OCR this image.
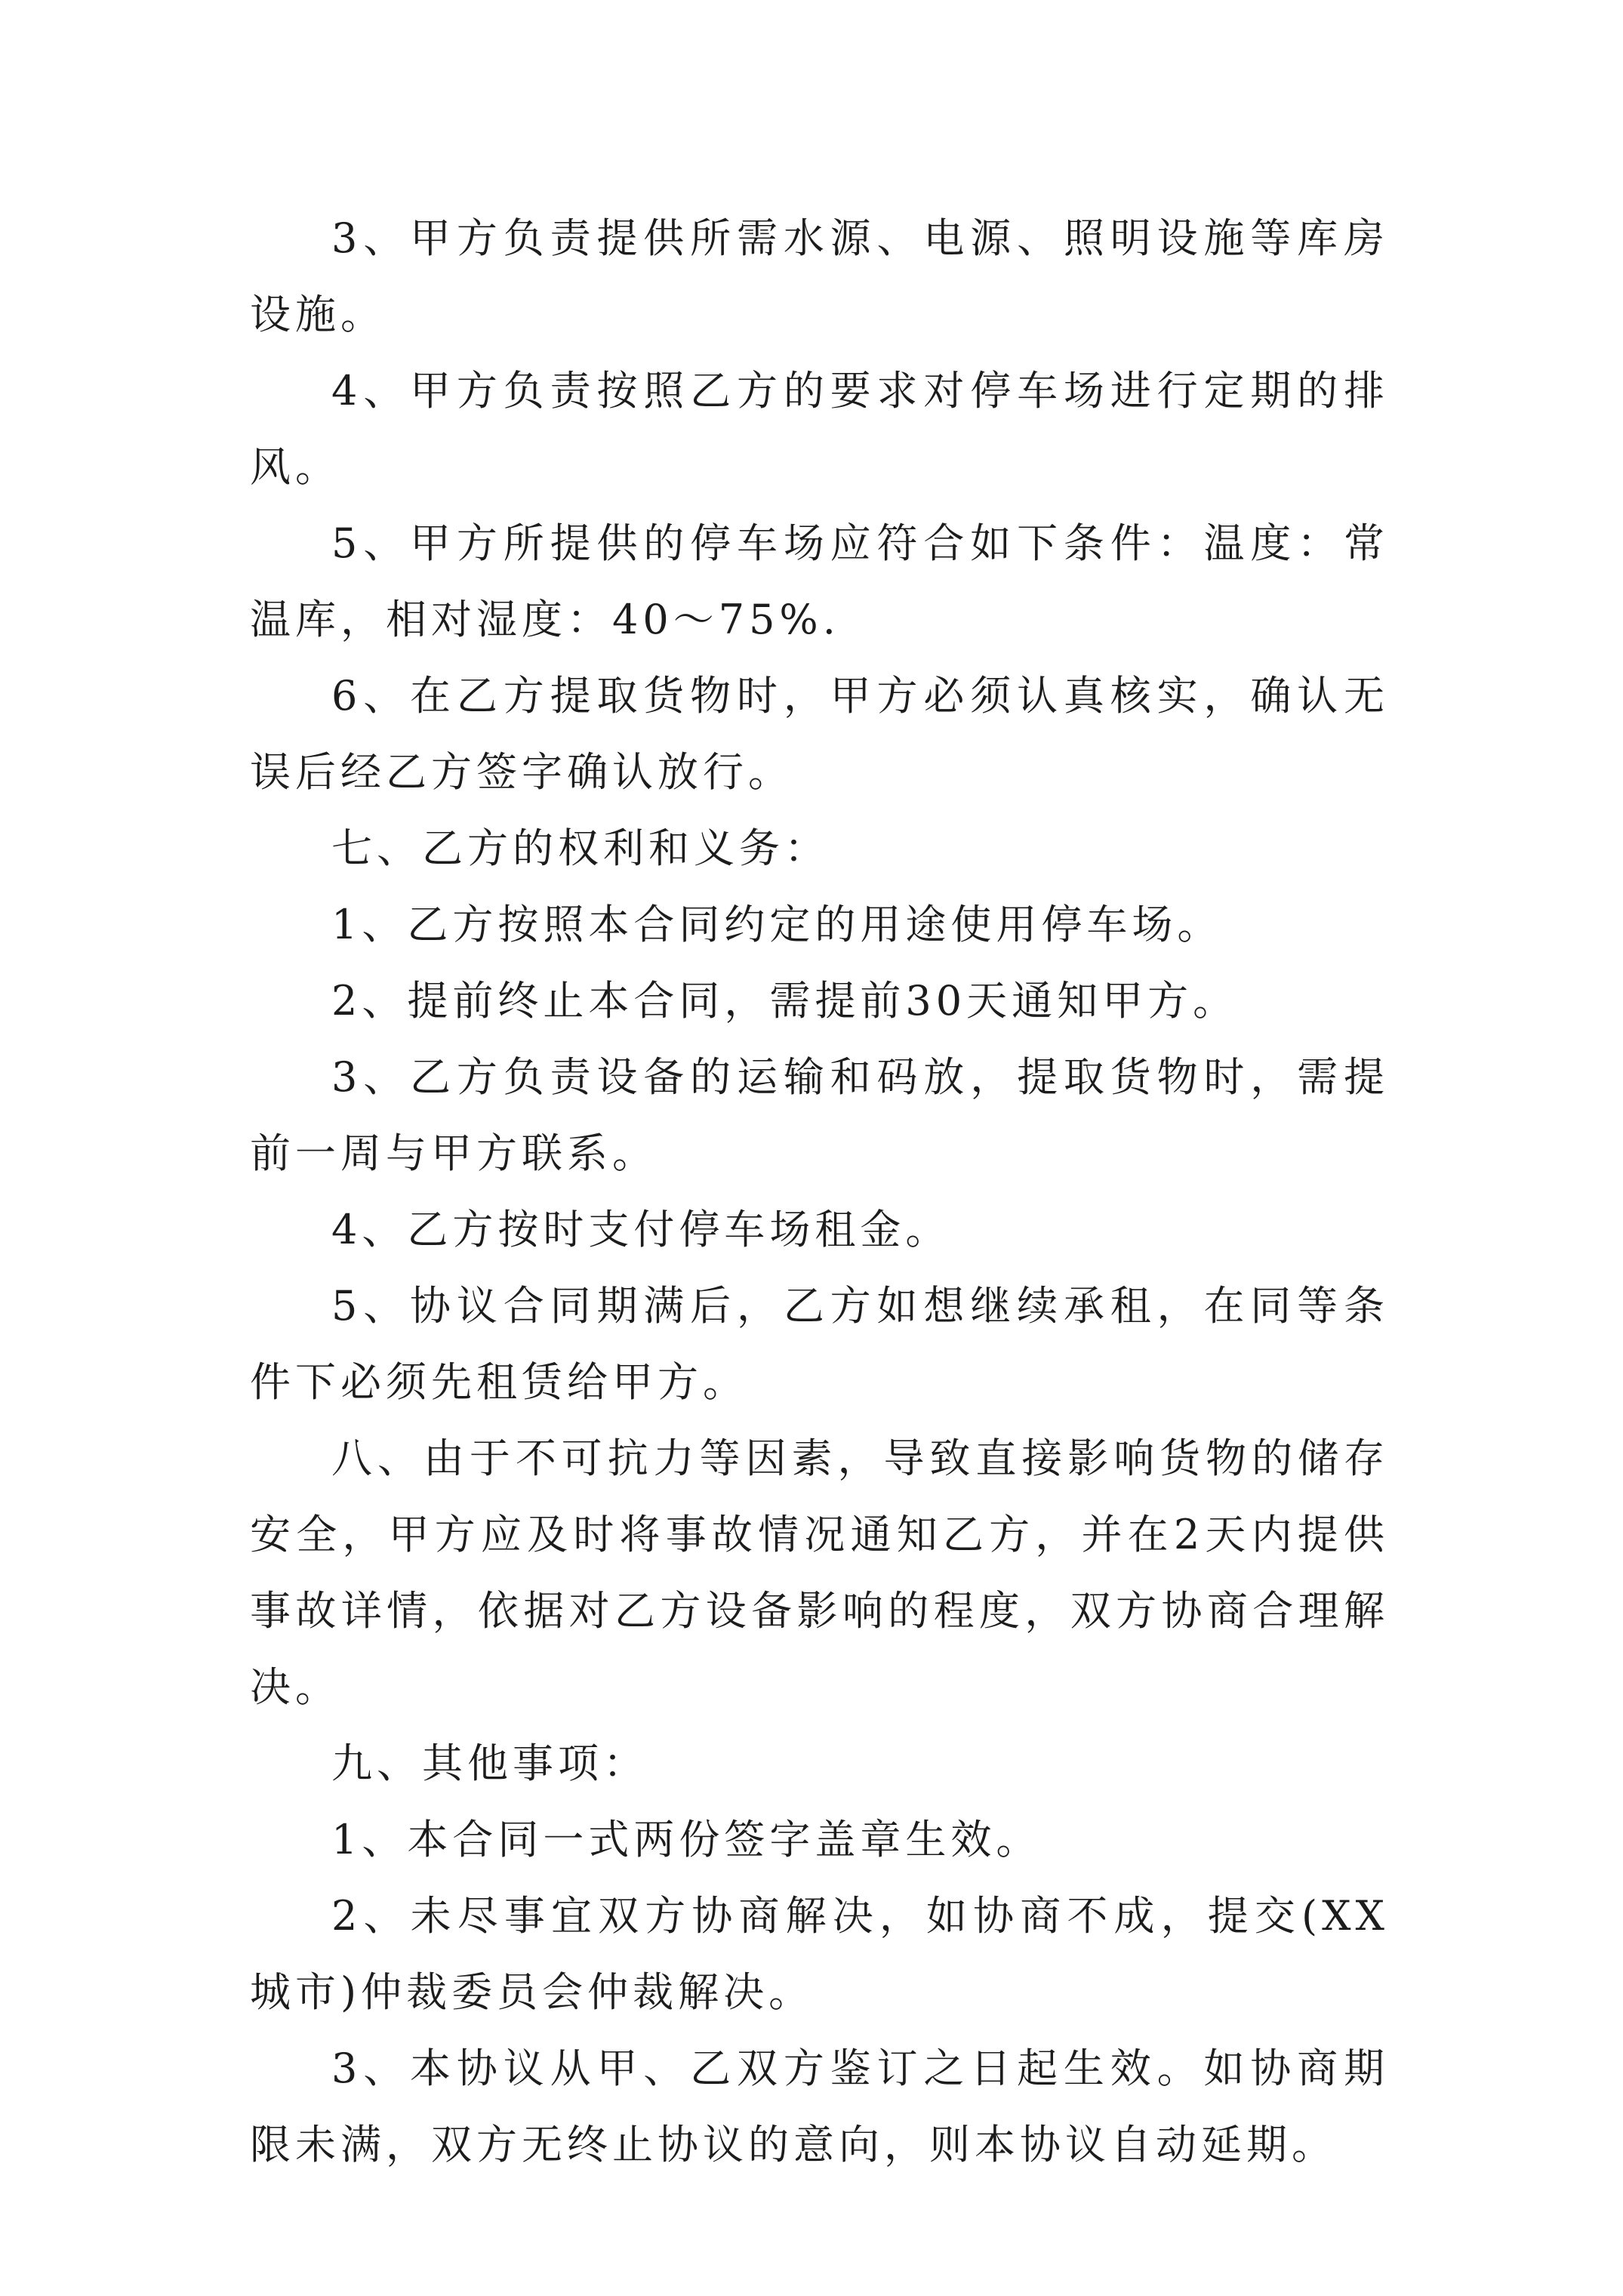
3、甲方负责提供所需水源、电源、照明设施等库房设施。

4、甲方负责按照乙方的要求对停车场进行定期的排风。

5、甲方所提供的停车场应符合如下条件：温度：常温库，相对湿度：40～75%.

6、在乙方提取货物时，甲方必须认真核实，确认无误后经乙方签字确认放行。

七、乙方的权利和义务：

1、乙方按照本合同约定的用途使用停车场。

2、提前终止本合同，需提前30天通知甲方。

3、乙方负责设备的运输和码放，提取货物时，需提前一周与甲方联系。

4、乙方按时支付停车场租金。

5、协议合同期满后，乙方如想继续承租，在同等条件下必须先租赁给甲方。

八、由于不可抗力等因素，导致直接影响货物的储存安全，甲方应及时将事故情况通知乙方，并在2天内提供事故详情，依据对乙方设备影响的程度，双方协商合理解决。

九、其他事项：

1、本合同一式两份签字盖章生效。

2、未尽事宜双方协商解决，如协商不成，提交(XX城市)仲裁委员会仲裁解决。

3、本协议从甲、乙双方鉴订之日起生效。如协商期限未满，双方无终止协议的意向，则本协议自动延期。
